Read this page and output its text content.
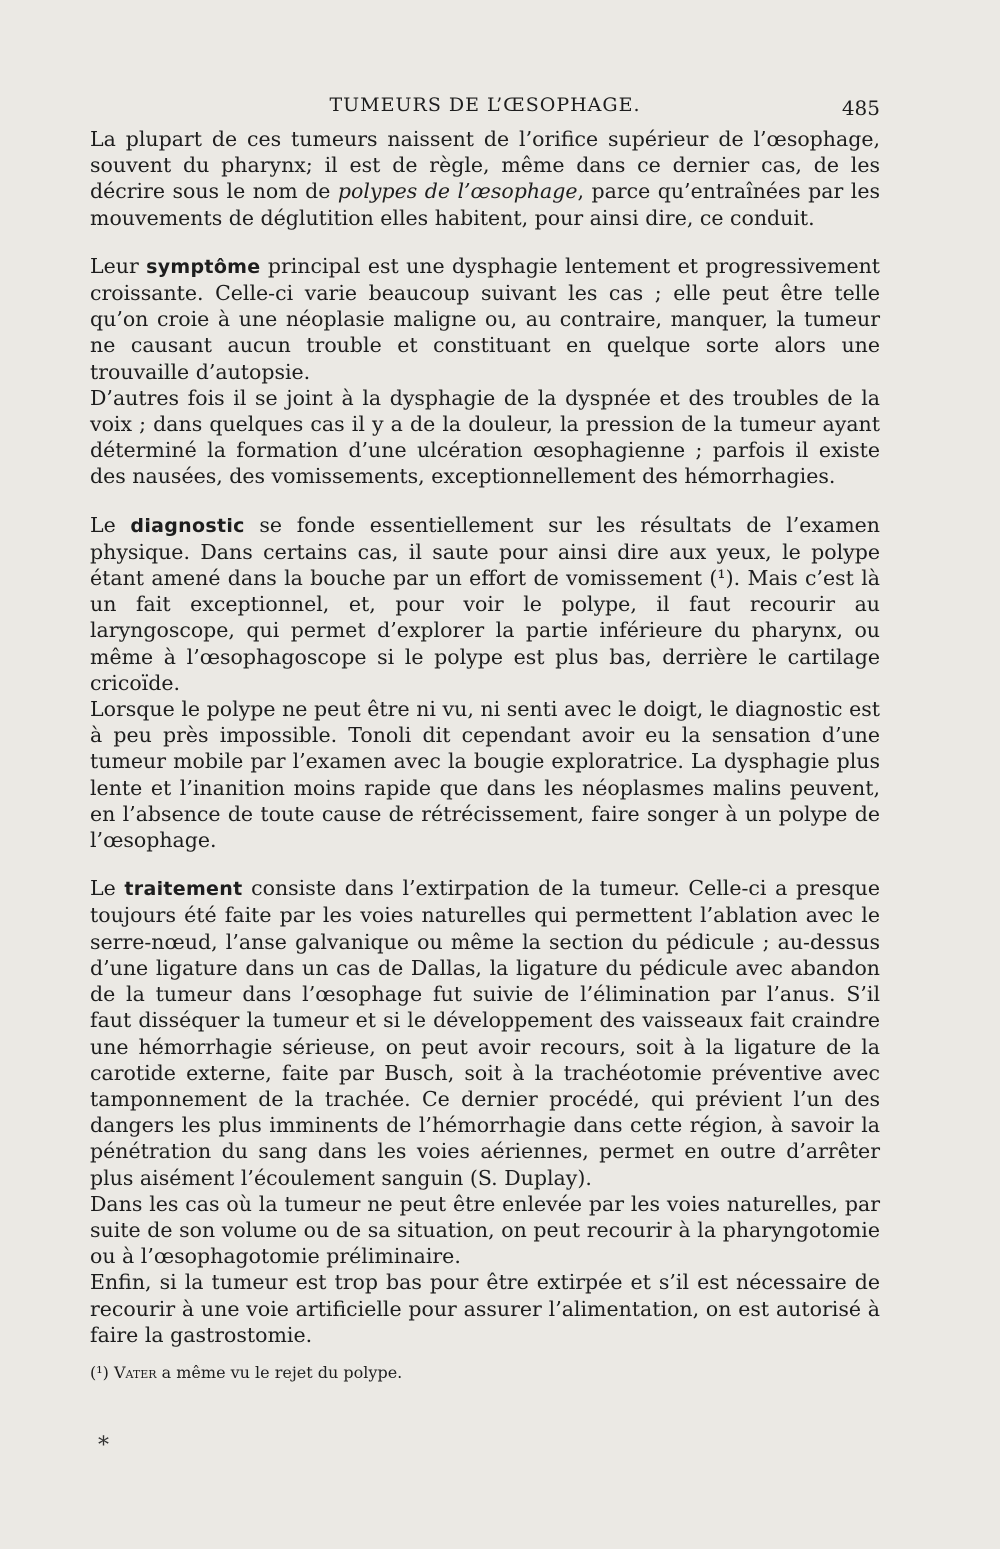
TUMEURS DE L’ŒSOPHAGE.	485

La plupart de ces tumeurs naissent de l’orifice supérieur de l’œsophage, souvent du pharynx; il est de règle, même dans ce dernier cas, de les décrire sous le nom de polypes de l’œsophage, parce qu’entraînées par les mouvements de déglutition elles habitent, pour ainsi dire, ce conduit.

Leur symptôme principal est une dysphagie lentement et progressivement croissante. Celle-ci varie beaucoup suivant les cas ; elle peut être telle qu’on croie à une néoplasie maligne ou, au contraire, manquer, la tumeur ne causant aucun trouble et constituant en quelque sorte alors une trouvaille d’autopsie.

D’autres fois il se joint à la dysphagie de la dyspnée et des troubles de la voix ; dans quelques cas il y a de la douleur, la pression de la tumeur ayant déterminé la formation d’une ulcération œsophagienne ; parfois il existe des nausées, des vomissements, exceptionnellement des hémorrhagies.

Le diagnostic se fonde essentiellement sur les résultats de l’examen physique. Dans certains cas, il saute pour ainsi dire aux yeux, le polype étant amené dans la bouche par un effort de vomissement (¹). Mais c’est là un fait exceptionnel, et, pour voir le polype, il faut recourir au laryngoscope, qui permet d’explorer la partie inférieure du pharynx, ou même à l’œsophagoscope si le polype est plus bas, derrière le cartilage cricoïde.

Lorsque le polype ne peut être ni vu, ni senti avec le doigt, le diagnostic est à peu près impossible. Tonoli dit cependant avoir eu la sensation d’une tumeur mobile par l’examen avec la bougie exploratrice. La dysphagie plus lente et l’inanition moins rapide que dans les néoplasmes malins peuvent, en l’absence de toute cause de rétrécissement, faire songer à un polype de l’œsophage.

Le traitement consiste dans l’extirpation de la tumeur. Celle-ci a presque toujours été faite par les voies naturelles qui permettent l’ablation avec le serre-nœud, l’anse galvanique ou même la section du pédicule ; au-dessus d’une ligature dans un cas de Dallas, la ligature du pédicule avec abandon de la tumeur dans l’œsophage fut suivie de l’élimination par l’anus. S’il faut disséquer la tumeur et si le développement des vaisseaux fait craindre une hémorrhagie sérieuse, on peut avoir recours, soit à la ligature de la carotide externe, faite par Busch, soit à la trachéotomie préventive avec tamponnement de la trachée. Ce dernier procédé, qui prévient l’un des dangers les plus imminents de l’hémorrhagie dans cette région, à savoir la pénétration du sang dans les voies aériennes, permet en outre d’arrêter plus aisément l’écoulement sanguin (S. Duplay).

Dans les cas où la tumeur ne peut être enlevée par les voies naturelles, par suite de son volume ou de sa situation, on peut recourir à la pharyngotomie ou à l’œsophagotomie préliminaire.

Enfin, si la tumeur est trop bas pour être extirpée et s’il est nécessaire de recourir à une voie artificielle pour assurer l’alimentation, on est autorisé à faire la gastrostomie.

(¹) Vater a même vu le rejet du polype.
⁎
